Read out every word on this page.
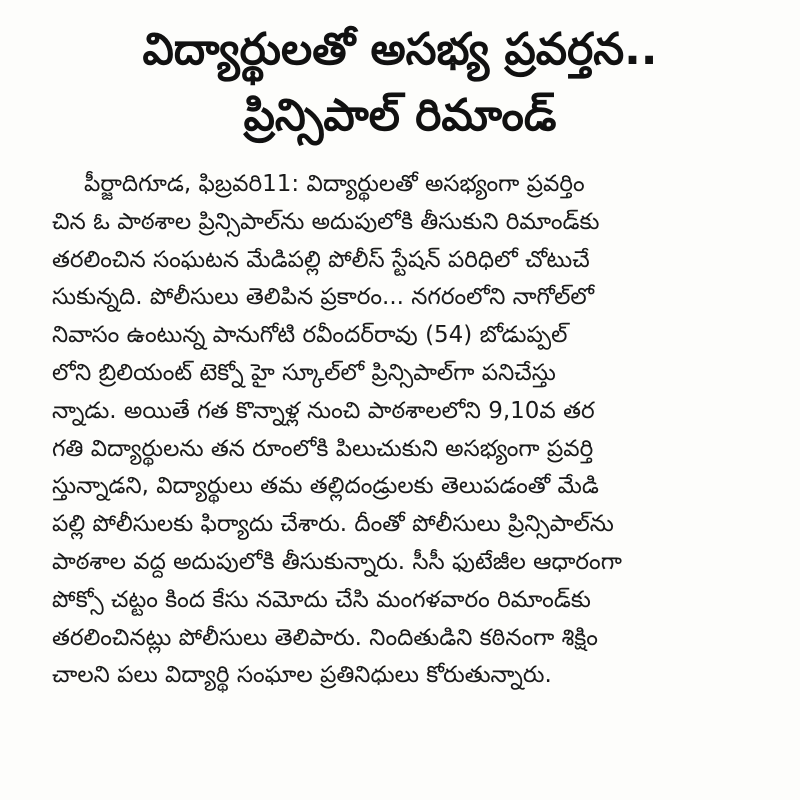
విద్యార్థులతో అసభ్య ప్రవర్తన..
ప్రిన్సిపాల్ రిమాండ్
పీర్జాదిగూడ, ఫిబ్రవరి11: విద్యార్థులతో అసభ్యంగా ప్రవర్తిం
చిన ఓ పాఠశాల ప్రిన్సిపాల్‌ను అదుపులోకి తీసుకుని రిమాండ్‌కు
తరలించిన సంఘటన మేడిపల్లి పోలీస్ స్టేషన్ పరిధిలో చోటుచే
సుకున్నది. పోలీసులు తెలిపిన ప్రకారం... నగరంలోని నాగోల్‌లో
నివాసం ఉంటున్న పానుగోటి రవీందర్‌రావు (54) బోడుప్పల్
లోని బ్రిలియంట్ టెక్నో హై స్కూల్‌లో ప్రిన్సిపాల్‌గా పనిచేస్తు
న్నాడు. అయితే గత కొన్నాళ్ల నుంచి పాఠశాలలోని 9,10వ తర
గతి విద్యార్థులను తన రూంలోకి పిలుచుకుని అసభ్యంగా ప్రవర్తి
స్తున్నాడని, విద్యార్థులు తమ తల్లిదండ్రులకు తెలుపడంతో మేడి
పల్లి పోలీసులకు ఫిర్యాదు చేశారు. దీంతో పోలీసులు ప్రిన్సిపాల్‌ను
పాఠశాల వద్ద అదుపులోకి తీసుకున్నారు. సీసీ ఫుటేజీల ఆధారంగా
పోక్సో చట్టం కింద కేసు నమోదు చేసి మంగళవారం రిమాండ్‌కు
తరలించినట్లు పోలీసులు తెలిపారు. నిందితుడిని కఠినంగా శిక్షిం
చాలని పలు విద్యార్థి సంఘాల ప్రతినిధులు కోరుతున్నారు.
